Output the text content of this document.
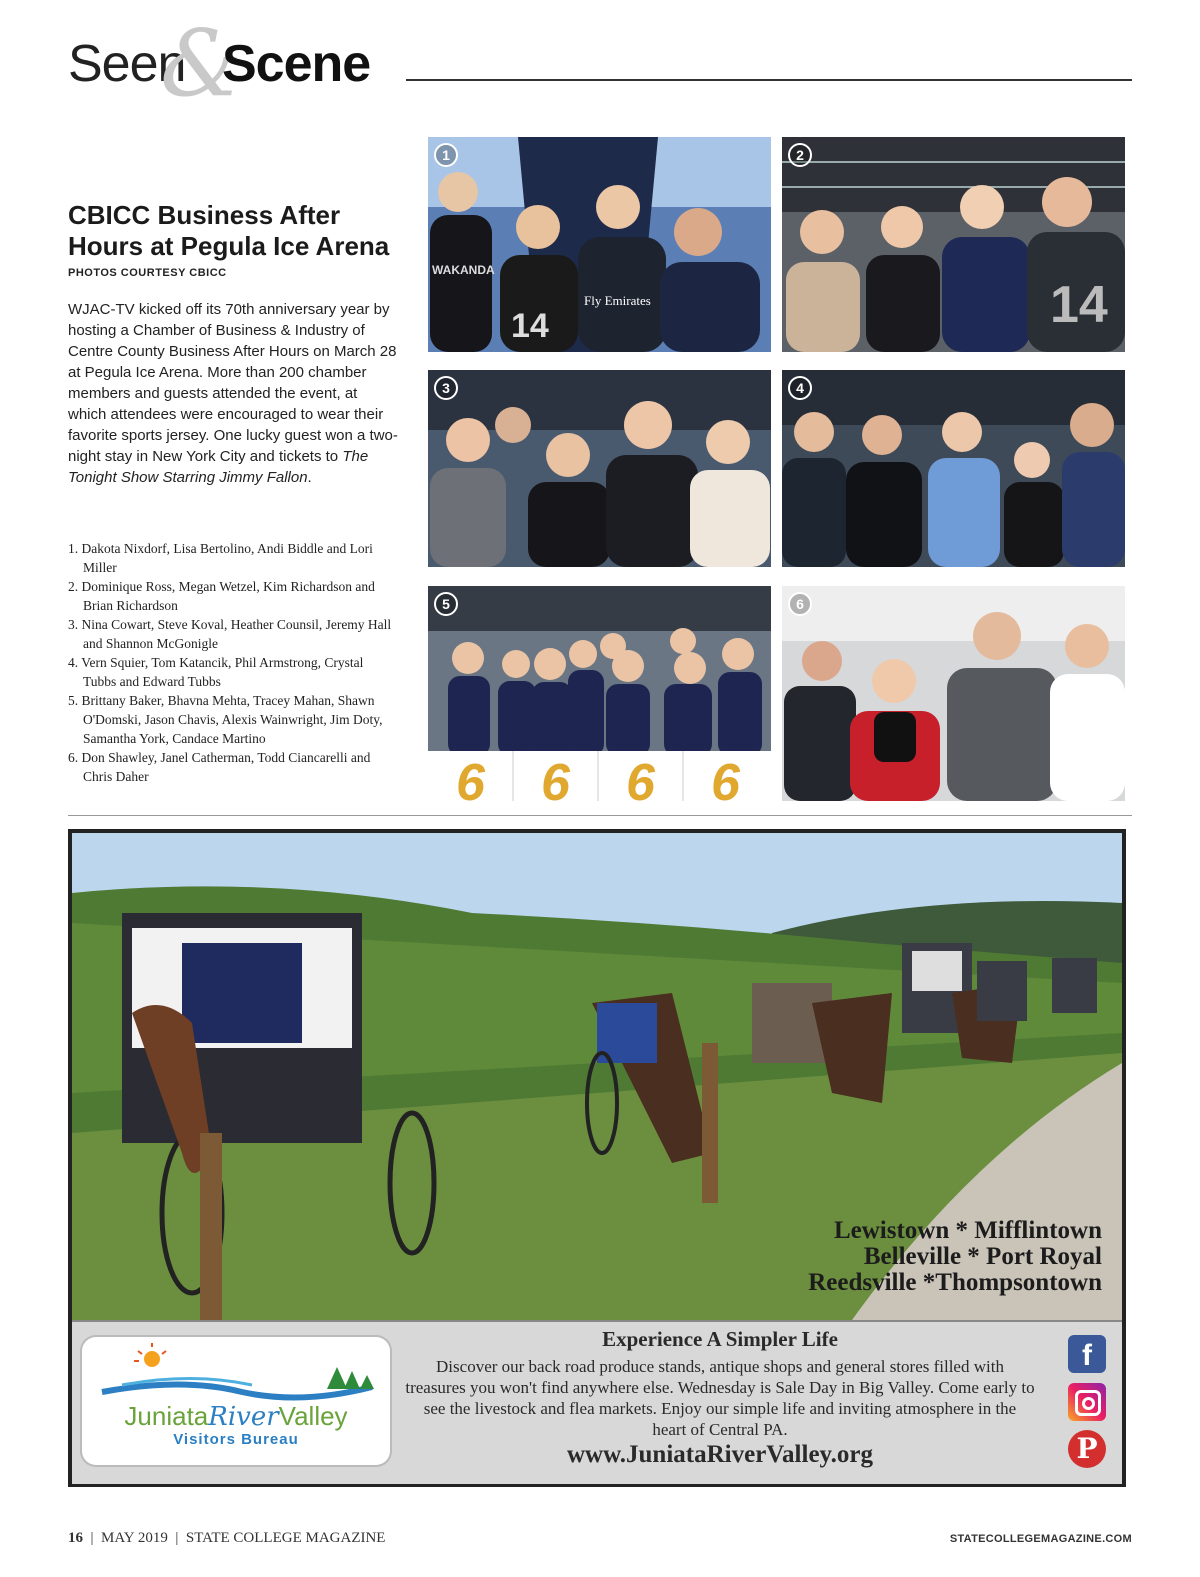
Seen
&
Scene
CBICC Business After Hours at Pegula Ice Arena
PHOTOS COURTESY CBICC
WJAC-TV kicked off its 70th anniversary year by hosting a Chamber of Business & Industry of Centre County Business After Hours on March 28 at Pegula Ice Arena. More than 200 chamber members and guests attended the event, at which attendees were encouraged to wear their favorite sports jersey. One lucky guest won a two-night stay in New York City and tickets to The Tonight Show Starring Jimmy Fallon.
1. Dakota Nixdorf, Lisa Bertolino, Andi Biddle and Lori Miller
2. Dominique Ross, Megan Wetzel, Kim Richardson and Brian Richardson
3. Nina Cowart, Steve Koval, Heather Counsil, Jeremy Hall and Shannon McGonigle
4. Vern Squier, Tom Katancik, Phil Armstrong, Crystal Tubbs and Edward Tubbs
5. Brittany Baker, Bhavna Mehta, Tracey Mahan, Shawn O'Domski, Jason Chavis, Alexis Wainwright, Jim Doty, Samantha York, Candace Martino
6. Don Shawley, Janel Catherman, Todd Ciancarelli and Chris Daher
WAKANDA
14
Fly Emirates
1
14
2
3	4
6 6 6 6
5	6
Lewistown * Mifflintown
Belleville * Port Royal
Reedsville *Thompsontown
JuniataRiverValley
Visitors Bureau
Experience A Simpler Life
Discover our back road produce stands, antique shops and general stores filled with treasures you won't find anywhere else. Wednesday is Sale Day in Big Valley. Come early to see the livestock and flea markets. Enjoy our simple life and inviting atmosphere in the heart of Central PA.
www.JuniataRiverValley.org
f
P
16 | MAY 2019 | STATE COLLEGE MAGAZINE	STATECOLLEGEMAGAZINE.COM
